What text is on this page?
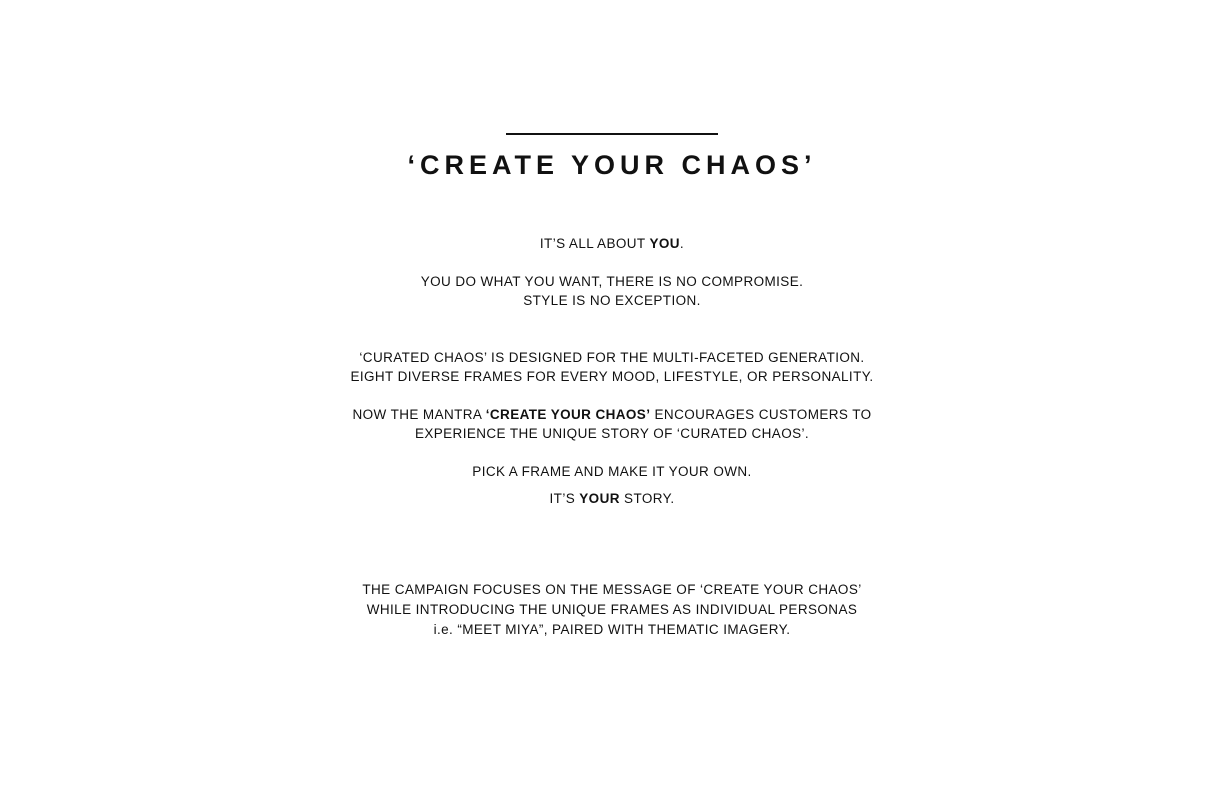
‘CREATE YOUR CHAOS’
IT’S ALL ABOUT YOU.
YOU DO WHAT YOU WANT, THERE IS NO COMPROMISE.
STYLE IS NO EXCEPTION.
‘CURATED CHAOS’ IS DESIGNED FOR THE MULTI-FACETED GENERATION.
EIGHT DIVERSE FRAMES FOR EVERY MOOD, LIFESTYLE, OR PERSONALITY.
NOW THE MANTRA ‘CREATE YOUR CHAOS’ ENCOURAGES CUSTOMERS TO
EXPERIENCE THE UNIQUE STORY OF ‘CURATED CHAOS’.
PICK A FRAME AND MAKE IT YOUR OWN.
IT’S YOUR STORY.
THE CAMPAIGN FOCUSES ON THE MESSAGE OF ‘CREATE YOUR CHAOS’
WHILE INTRODUCING THE UNIQUE FRAMES AS INDIVIDUAL PERSONAS
i.e. “MEET MIYA”, PAIRED WITH THEMATIC IMAGERY.
